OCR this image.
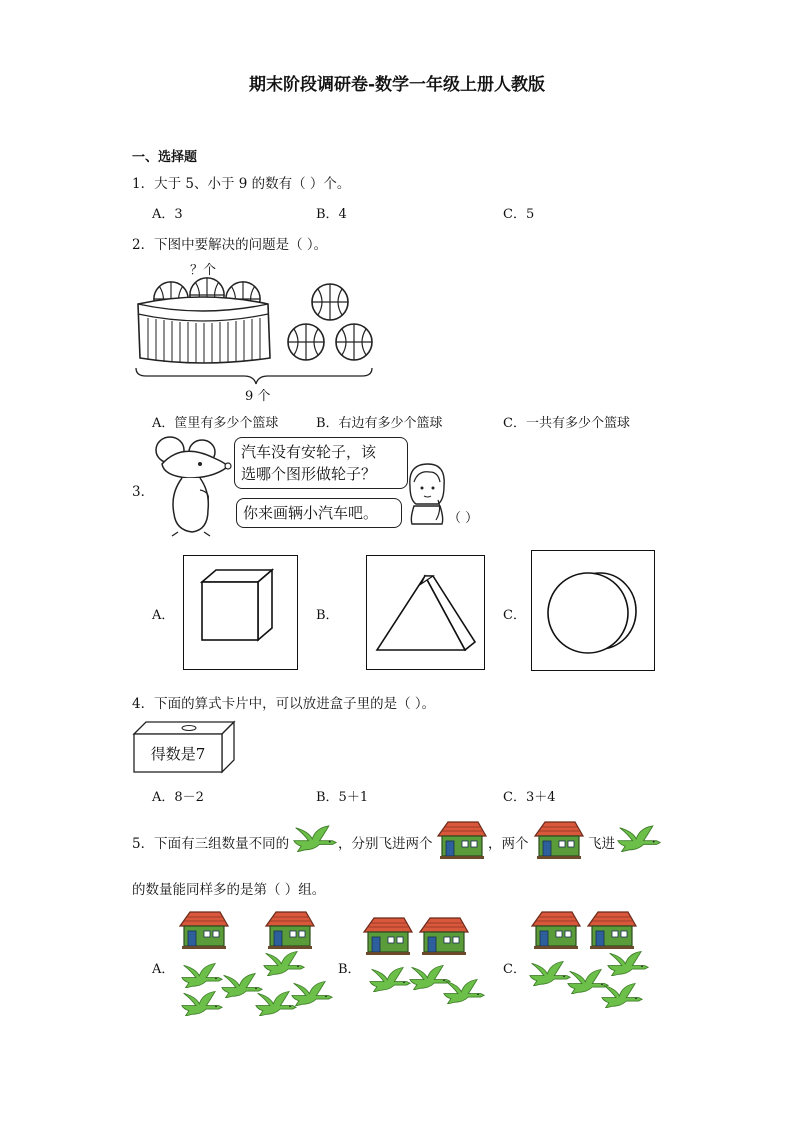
期末阶段调研卷-数学一年级上册人教版
一、选择题
1．大于 5、小于 9 的数有（ ）个。
A．3	B．4	C．5
2．下图中要解决的问题是（ ）。
？个
9 个
A．筐里有多少个篮球	B．右边有多少个篮球	C．一共有多少个篮球
3．
汽车没有安轮子，该
选哪个图形做轮子？
你来画辆小汽车吧。	（ ）
A．	B．	C．
4．下面的算式卡片中，可以放进盒子里的是（ ）。
得数是7
A．8－2	B．5＋1	C．3＋4
5．下面有三组数量不同的	，分别飞进两个	，两个	飞进
的数量能同样多的是第（ ）组。
A．	B．	C．
